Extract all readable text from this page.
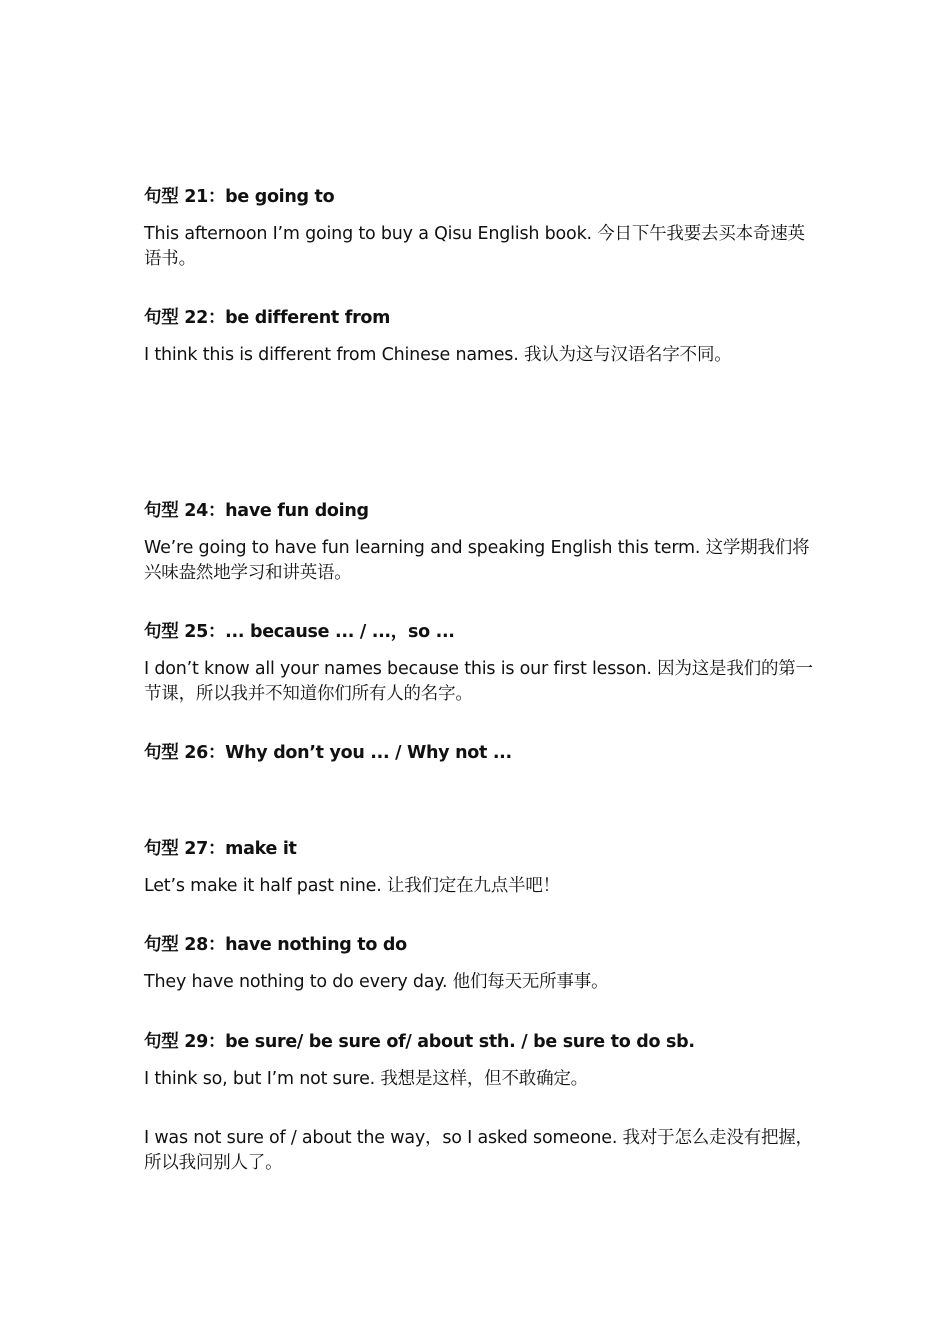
句型 21：be going to
This afternoon I’m going to buy a Qisu English book. 今日下午我要去买本奇速英语书。
句型 22：be different from
I think this is different from Chinese names. 我认为这与汉语名字不同。
句型 24：have fun doing
We’re going to have fun learning and speaking English this term. 这学期我们将兴味盎然地学习和讲英语。
句型 25：... because ... / ...，so ...
I don’t know all your names because this is our first lesson. 因为这是我们的第一节课，所以我并不知道你们所有人的名字。
句型 26：Why don’t you ... / Why not ...
句型 27：make it
Let’s make it half past nine. 让我们定在九点半吧！
句型 28：have nothing to do
They have nothing to do every day. 他们每天无所事事。
句型 29：be sure/ be sure of/ about sth. / be sure to do sb.
I think so, but I’m not sure. 我想是这样，但不敢确定。
I was not sure of / about the way，so I asked someone. 我对于怎么走没有把握，所以我问别人了。
